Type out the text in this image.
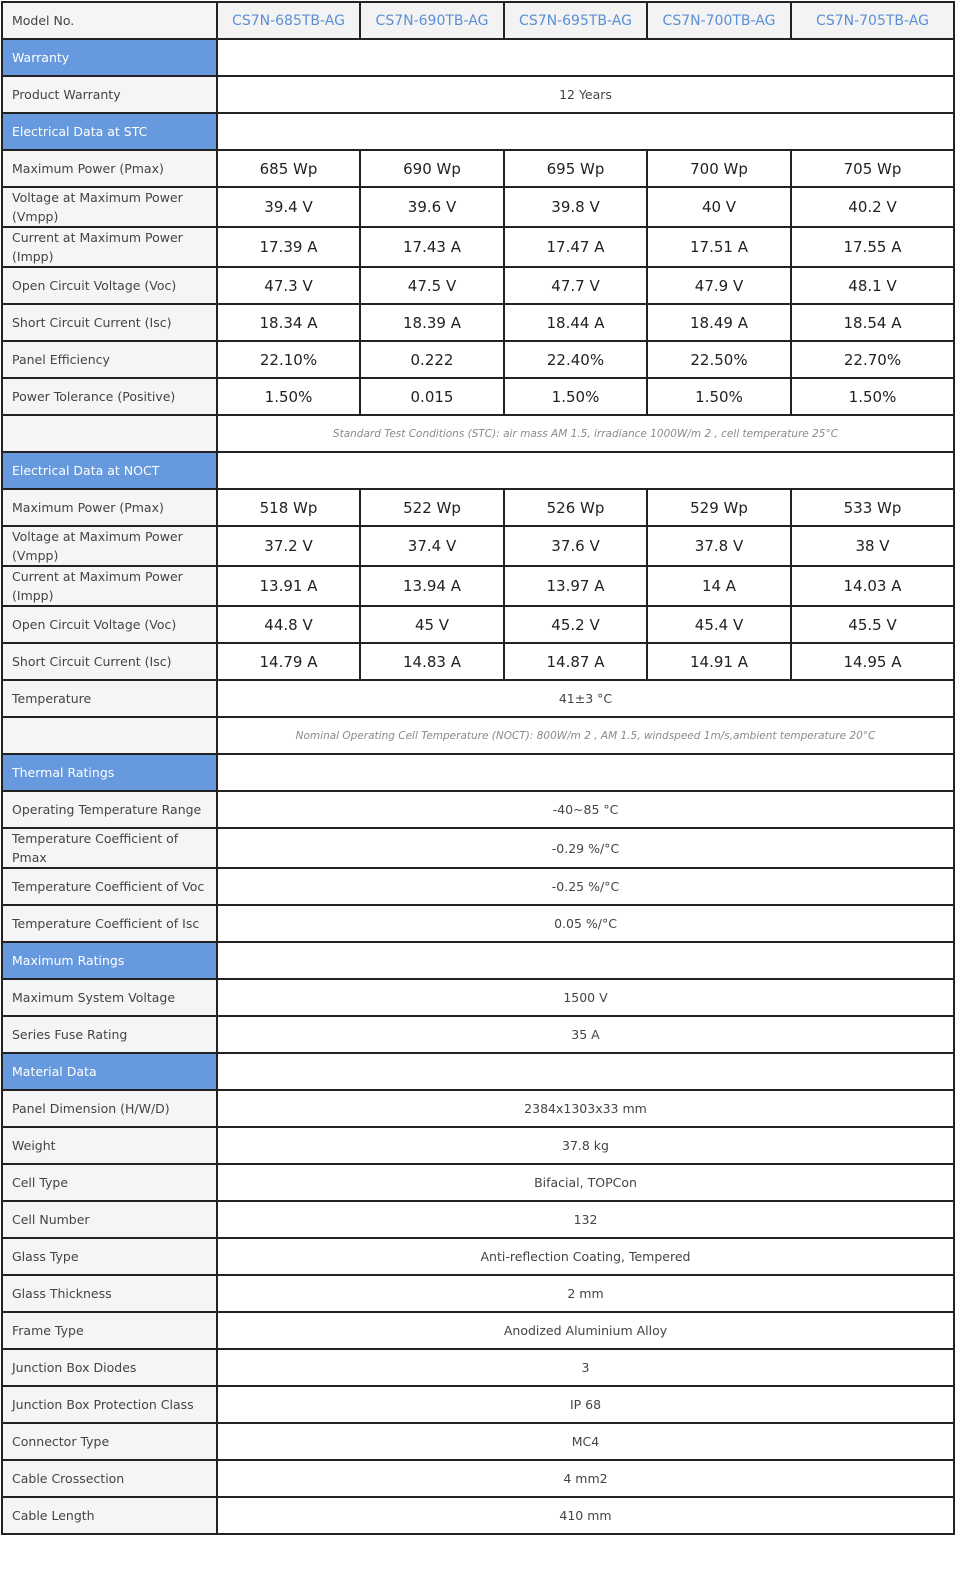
Model No.	CS7N-685TB-AG	CS7N-690TB-AG	CS7N-695TB-AG	CS7N-700TB-AG	CS7N-705TB-AG
Warranty					
Product Warranty	12 Years				
Electrical Data at STC					
Maximum Power (Pmax)	685 Wp	690 Wp	695 Wp	700 Wp	705 Wp
Voltage at Maximum Power (Vmpp)	39.4 V	39.6 V	39.8 V	40 V	40.2 V
Current at Maximum Power (Impp)	17.39 A	17.43 A	17.47 A	17.51 A	17.55 A
Open Circuit Voltage (Voc)	47.3 V	47.5 V	47.7 V	47.9 V	48.1 V
Short Circuit Current (Isc)	18.34 A	18.39 A	18.44 A	18.49 A	18.54 A
Panel Efficiency	22.10%	0.222	22.40%	22.50%	22.70%
Power Tolerance (Positive)	1.50%	0.015	1.50%	1.50%	1.50%
	Standard Test Conditions (STC): air mass AM 1.5, irradiance 1000W/m 2 , cell temperature 25°C				
Electrical Data at NOCT					
Maximum Power (Pmax)	518 Wp	522 Wp	526 Wp	529 Wp	533 Wp
Voltage at Maximum Power (Vmpp)	37.2 V	37.4 V	37.6 V	37.8 V	38 V
Current at Maximum Power (Impp)	13.91 A	13.94 A	13.97 A	14 A	14.03 A
Open Circuit Voltage (Voc)	44.8 V	45 V	45.2 V	45.4 V	45.5 V
Short Circuit Current (Isc)	14.79 A	14.83 A	14.87 A	14.91 A	14.95 A
Temperature	41±3 °C				
	Nominal Operating Cell Temperature (NOCT): 800W/m 2 , AM 1.5, windspeed 1m/s,ambient temperature 20°C				
Thermal Ratings					
Operating Temperature Range	-40~85 °C				
Temperature Coefficient of Pmax	-0.29 %/°C				
Temperature Coefficient of Voc	-0.25 %/°C				
Temperature Coefficient of Isc	0.05 %/°C				
Maximum Ratings					
Maximum System Voltage	1500 V				
Series Fuse Rating	35 A				
Material Data					
Panel Dimension (H/W/D)	2384x1303x33 mm				
Weight	37.8 kg				
Cell Type	Bifacial, TOPCon				
Cell Number	132				
Glass Type	Anti-reflection Coating, Tempered				
Glass Thickness	2 mm				
Frame Type	Anodized Aluminium Alloy				
Junction Box Diodes	3				
Junction Box Protection Class	IP 68				
Connector Type	MC4				
Cable Crossection	4 mm2				
Cable Length	410 mm				
